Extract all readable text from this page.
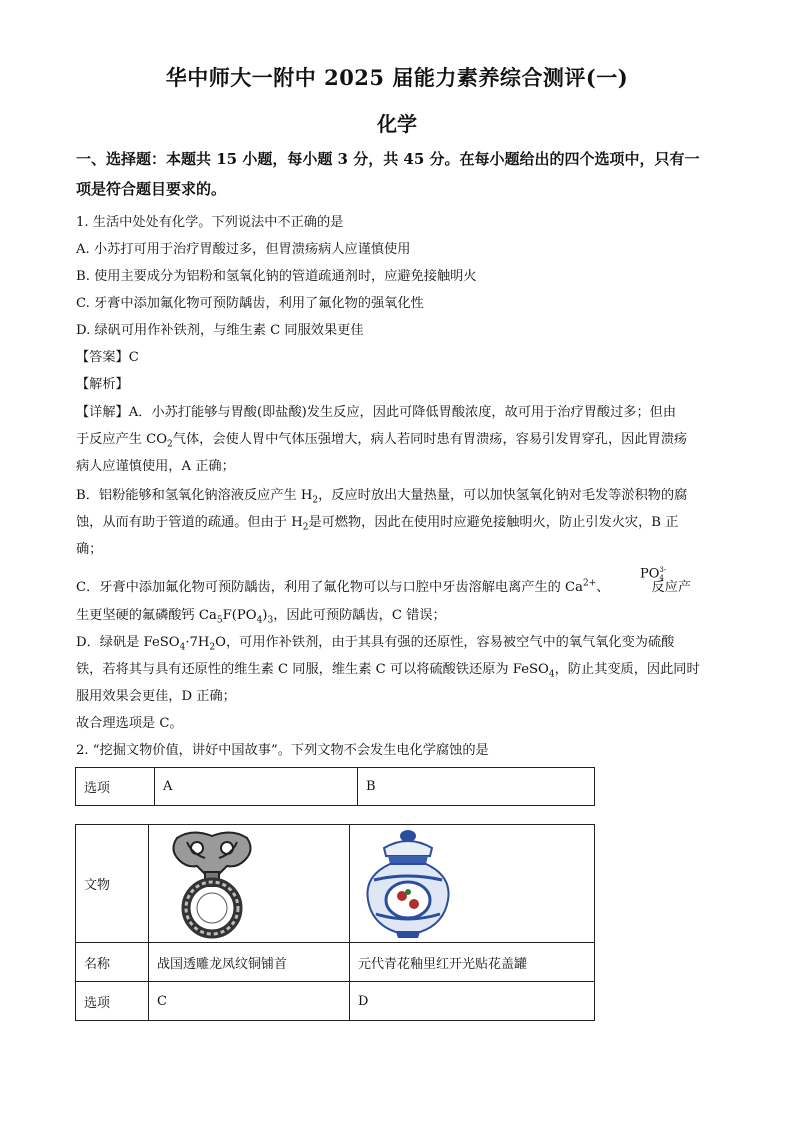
华中师大一附中 2025 届能力素养综合测评(一)
化学
一、选择题：本题共 15 小题，每小题 3 分，共 45 分。在每小题给出的四个选项中，只有一
项是符合题目要求的。
1. 生活中处处有化学。下列说法中不正确的是
A. 小苏打可用于治疗胃酸过多，但胃溃疡病人应谨慎使用
B. 使用主要成分为铝粉和氢氧化钠的管道疏通剂时，应避免接触明火
C. 牙膏中添加氟化物可预防龋齿，利用了氟化物的强氧化性
D. 绿矾可用作补铁剂，与维生素 C 同服效果更佳
【答案】C
【解析】
【详解】A．小苏打能够与胃酸(即盐酸)发生反应，因此可降低胃酸浓度，故可用于治疗胃酸过多；但由
于反应产生 $CO_2$气体，会使人胃中气体压强增大，病人若同时患有胃溃疡，容易引发胃穿孔，因此胃溃疡
病人应谨慎使用，A 正确；
B．铝粉能够和氢氧化钠溶液反应产生 $H_2$，反应时放出大量热量，可以加快氢氧化钠对毛发等淤积物的腐
蚀，从而有助于管道的疏通。但由于 $H_2$是可燃物，因此在使用时应避免接触明火，防止引发火灾，B 正
确；
PO 3-
4
C．牙膏中添加氟化物可预防龋齿，利用了氟化物可以与口腔中牙齿溶解电离产生的 $Ca^{2+}$、	反应产
生更坚硬的氟磷酸钙 $Ca_5F(PO_4)_3$，因此可预防龋齿，C 错误；
D．绿矾是 $FeSO_4\cdot 7H_2O$，可用作补铁剂，由于其具有强的还原性，容易被空气中的氧气氧化变为硫酸
铁，若将其与具有还原性的维生素 C 同服，维生素 C 可以将硫酸铁还原为 FeSO$_4$，防止其变质，因此同时
服用效果会更佳，D 正确；
故合理选项是 C。
2. “挖掘文物价值，讲好中国故事”。下列文物不会发生电化学腐蚀的是
选项	A	B
文物	

名称	战国透雕龙凤纹铜铺首	元代青花釉里红开光贴花盖罐
选项	C	D
